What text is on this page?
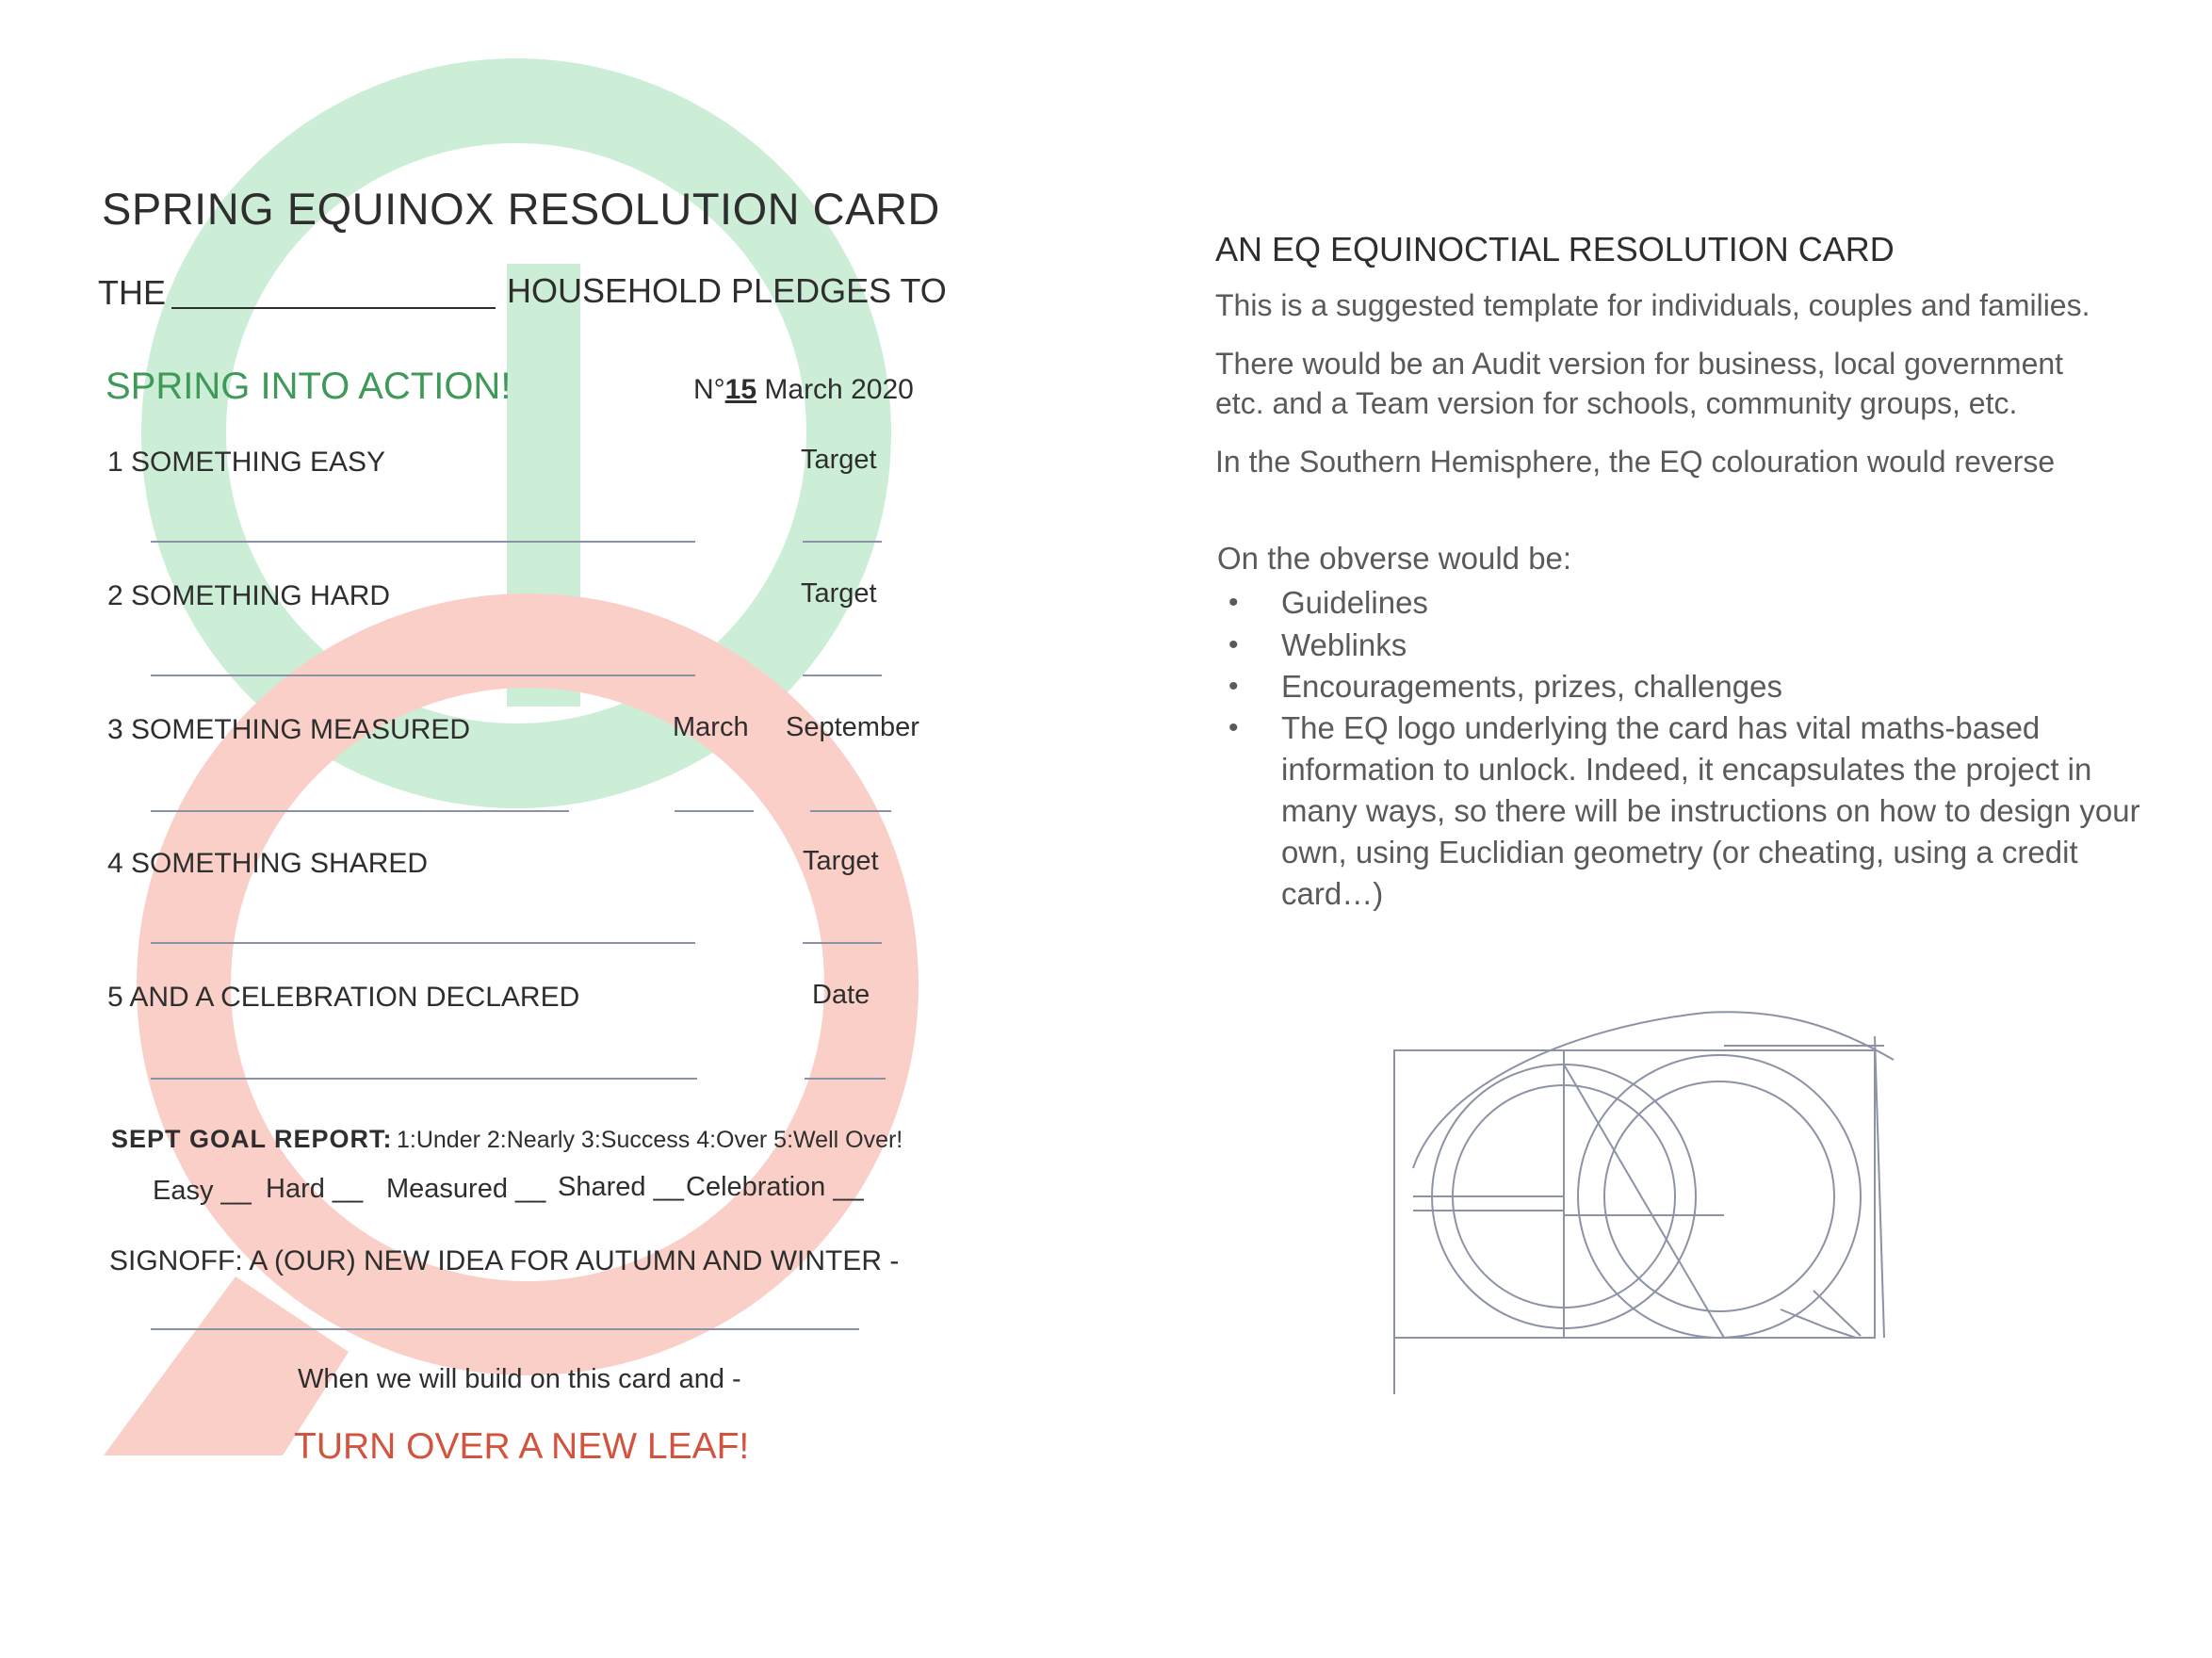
SPRING EQUINOX RESOLUTION CARD
THE	HOUSEHOLD PLEDGES TO
SPRING INTO ACTION!	N°15 March 2020
1 SOMETHING EASY	Target
2 SOMETHING HARD	Target
3 SOMETHING MEASURED	March September
4 SOMETHING SHARED	Target
5 AND A CELEBRATION DECLARED	Date
SEPT GOAL REPORT: 1:Under 2:Nearly 3:Success 4:Over 5:Well Over!
Easy __ Hard __ Measured __ Shared __ Celebration __
SIGNOFF: A (OUR) NEW IDEA FOR AUTUMN AND WINTER -
When we will build on this card and -
TURN OVER A NEW LEAF!
AN EQ EQUINOCTIAL RESOLUTION CARD
This is a suggested template for individuals, couples and families.
There would be an Audit version for business, local government
etc. and a Team version for schools, community groups, etc.
In the Southern Hemisphere, the EQ colouration would reverse
On the obverse would be:
• Guidelines
• Weblinks
• Encouragements, prizes, challenges
• The EQ logo underlying the card has vital maths-based information to unlock. Indeed, it encapsulates the project in many ways, so there will be instructions on how to design your own, using Euclidian geometry (or cheating, using a credit card…)
